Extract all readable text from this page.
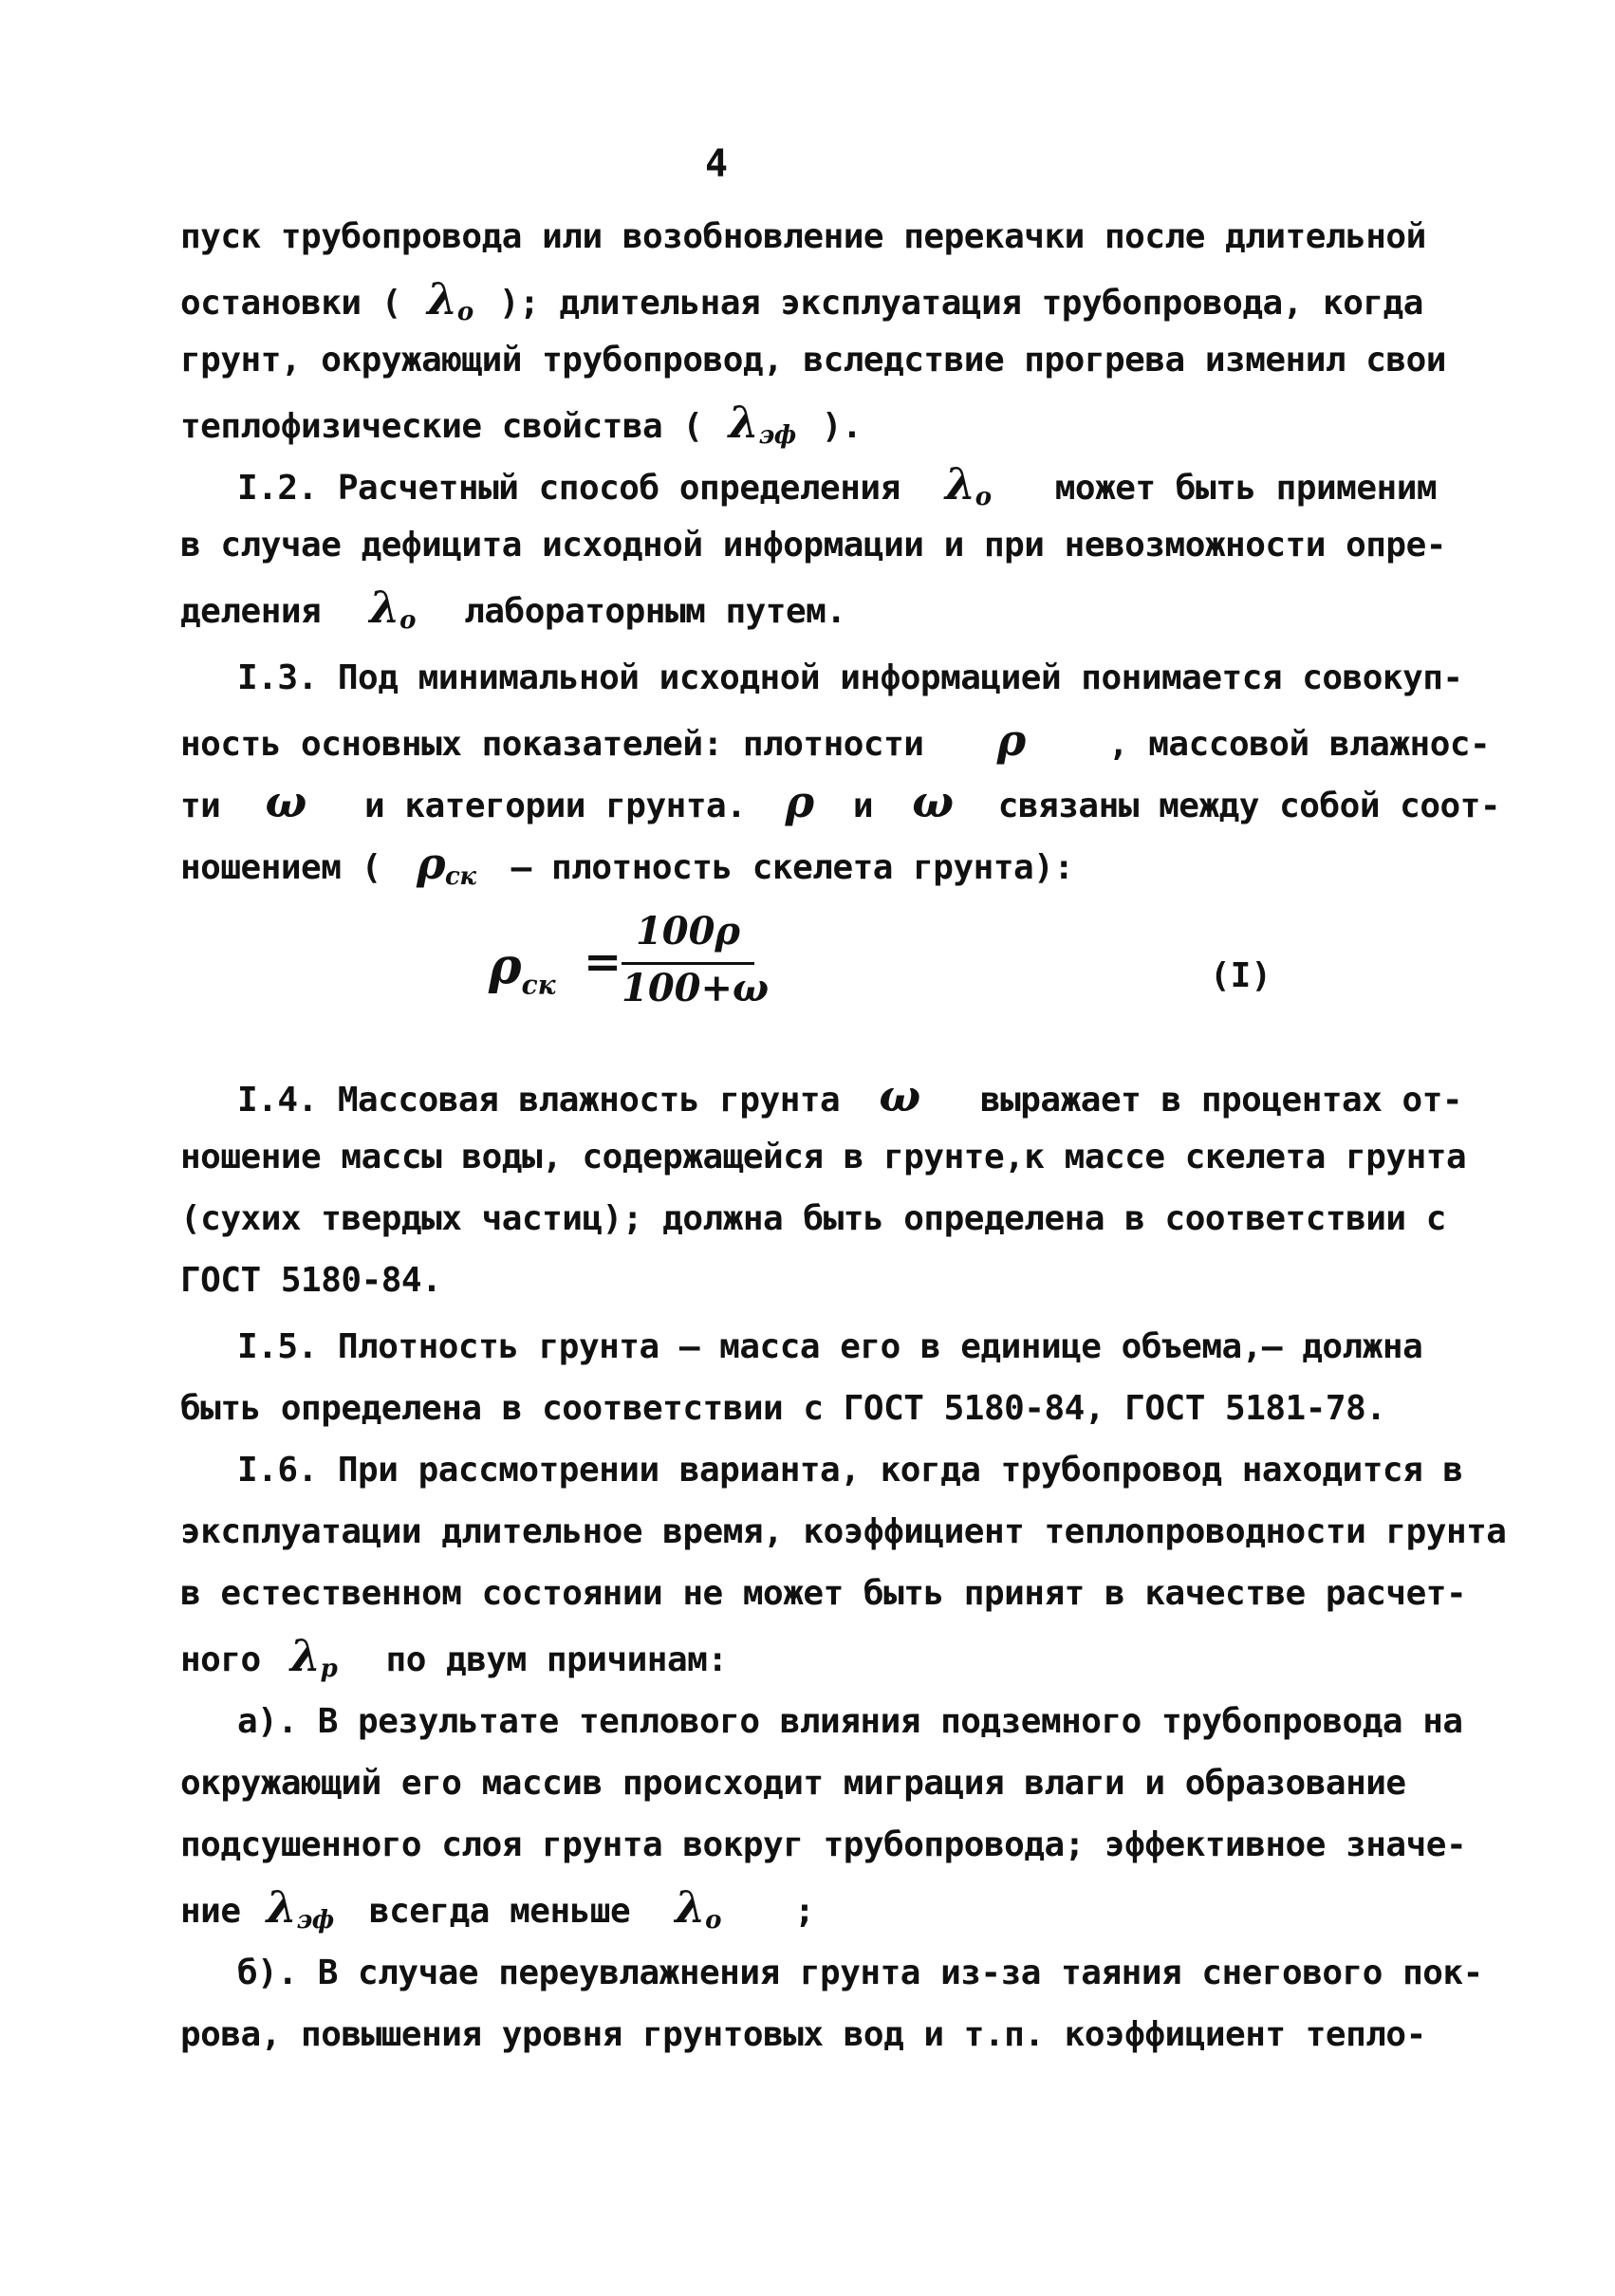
4
пуск трубопровода или возобновление перекачки после длительной
остановки ( $\lambda_o$ ); длительная эксплуатация трубопровода, когда
грунт, окружающий трубопровод, вследствие прогрева изменил свои
теплофизические свойства ( $\lambda_{эф}$ ).
I.2. Расчетный способ определения $\lambda_o$ может быть применим
в случае дефицита исходной информации и при невозможности опре-
деления $\lambda_o$ лабораторным путем.
I.3. Под минимальной исходной информацией понимается совокуп-
ность основных показателей: плотности ρ , массовой влажнос-
ти ω и категории грунта. ρ и ω связаны между собой соот-
ношением ( $\rho_{ск}$ – плотность скелета грунта):
$\rho_{ск}$ =
100ρ
100+ω	(I)
I.4. Массовая влажность грунта ω выражает в процентах от-
ношение массы воды, содержащейся в грунте,к массе скелета грунта
(сухих твердых частиц); должна быть определена в соответствии с
ГОСТ 5180-84.
I.5. Плотность грунта – масса его в единице объема,– должна
быть определена в соответствии с ГОСТ 5180-84, ГОСТ 5181-78.
I.6. При рассмотрении варианта, когда трубопровод находится в
эксплуатации длительное время, коэффициент теплопроводности грунта
в естественном состоянии не может быть принят в качестве расчет-
ного $\lambda_p$ по двум причинам:
а). В результате теплового влияния подземного трубопровода на
окружающий его массив происходит миграция влаги и образование
подсушенного слоя грунта вокруг трубопровода; эффективное значе-
ние $\lambda_{эф}$ всегда меньше $\lambda_o$ ;
б). В случае переувлажнения грунта из-за таяния снегового пок-
рова, повышения уровня грунтовых вод и т.п. коэффициент тепло-
